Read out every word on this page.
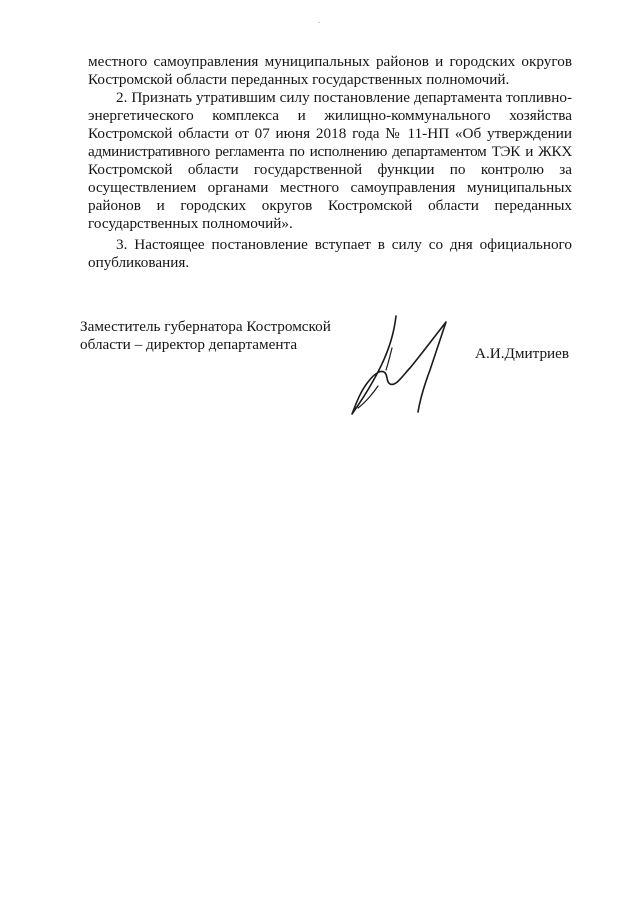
местного самоуправления муниципальных районов и городских округов
Костромской области переданных государственных полномочий.
2. Признать утратившим силу постановление департамента топливно-
энергетического комплекса и жилищно-коммунального хозяйства
Костромской области от 07 июня 2018 года № 11-НП «Об утверждении
административного регламента по исполнению департаментом ТЭК и ЖКХ
Костромской области государственной функции по контролю за
осуществлением органами местного самоуправления муниципальных
районов и городских округов Костромской области переданных
государственных полномочий».
3. Настоящее постановление вступает в силу со дня официального
опубликования.
Заместитель губернатора Костромской
области – директор департамента
А.И.Дмитриев
